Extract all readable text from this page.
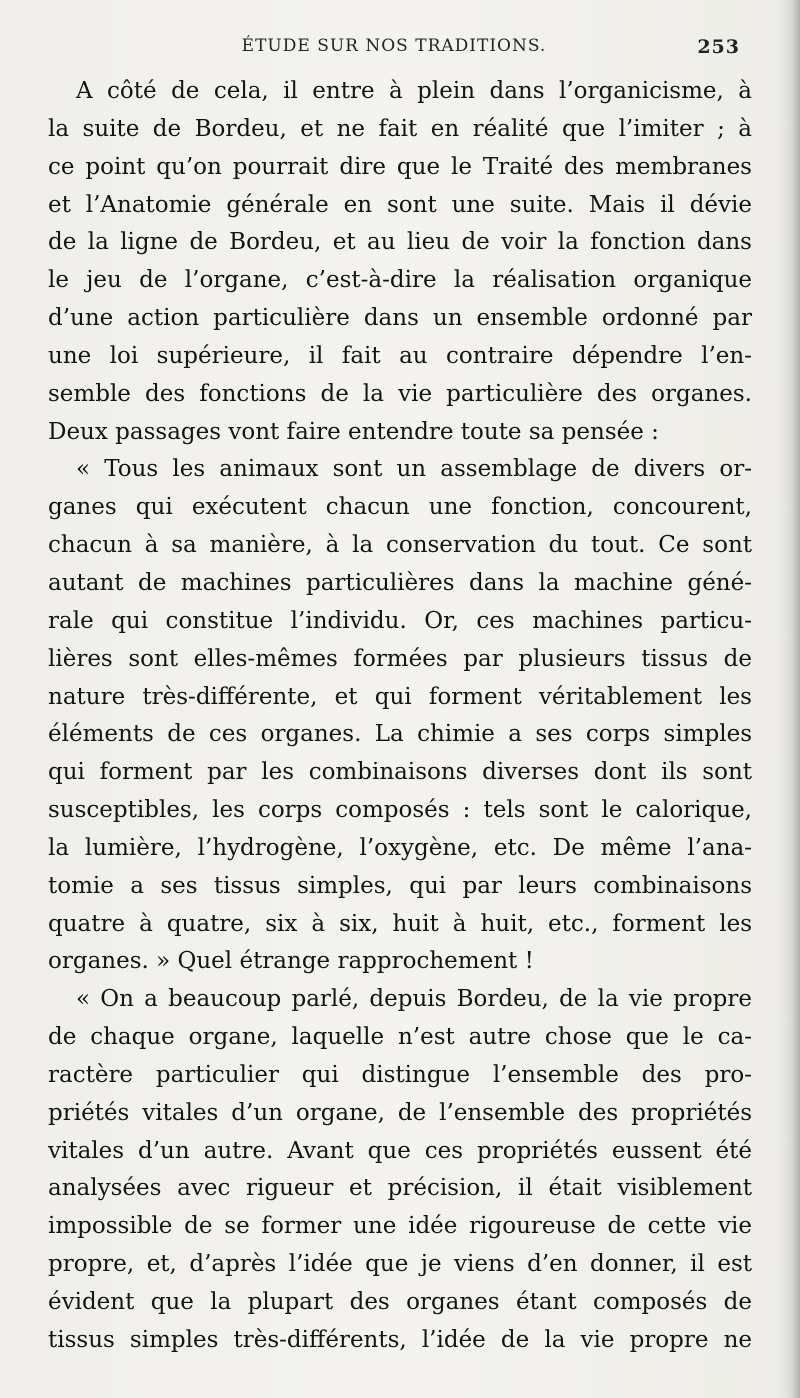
ÉTUDE SUR NOS TRADITIONS.	253
A côté de cela, il entre à plein dans l’organicisme, à
la suite de Bordeu, et ne fait en réalité que l’imiter ; à
ce point qu’on pourrait dire que le Traité des membranes
et l’Anatomie générale en sont une suite. Mais il dévie
de la ligne de Bordeu, et au lieu de voir la fonction dans
le jeu de l’organe, c’est-à-dire la réalisation organique
d’une action particulière dans un ensemble ordonné par
une loi supérieure, il fait au contraire dépendre l’en-
semble des fonctions de la vie particulière des organes.
Deux passages vont faire entendre toute sa pensée :
« Tous les animaux sont un assemblage de divers or-
ganes qui exécutent chacun une fonction, concourent,
chacun à sa manière, à la conservation du tout. Ce sont
autant de machines particulières dans la machine géné-
rale qui constitue l’individu. Or, ces machines particu-
lières sont elles-mêmes formées par plusieurs tissus de
nature très-différente, et qui forment véritablement les
éléments de ces organes. La chimie a ses corps simples
qui forment par les combinaisons diverses dont ils sont
susceptibles, les corps composés : tels sont le calorique,
la lumière, l’hydrogène, l’oxygène, etc. De même l’ana-
tomie a ses tissus simples, qui par leurs combinaisons
quatre à quatre, six à six, huit à huit, etc., forment les
organes. » Quel étrange rapprochement !
« On a beaucoup parlé, depuis Bordeu, de la vie propre
de chaque organe, laquelle n’est autre chose que le ca-
ractère particulier qui distingue l’ensemble des pro-
priétés vitales d’un organe, de l’ensemble des propriétés
vitales d’un autre. Avant que ces propriétés eussent été
analysées avec rigueur et précision, il était visiblement
impossible de se former une idée rigoureuse de cette vie
propre, et, d’après l’idée que je viens d’en donner, il est
évident que la plupart des organes étant composés de
tissus simples très-différents, l’idée de la vie propre ne
